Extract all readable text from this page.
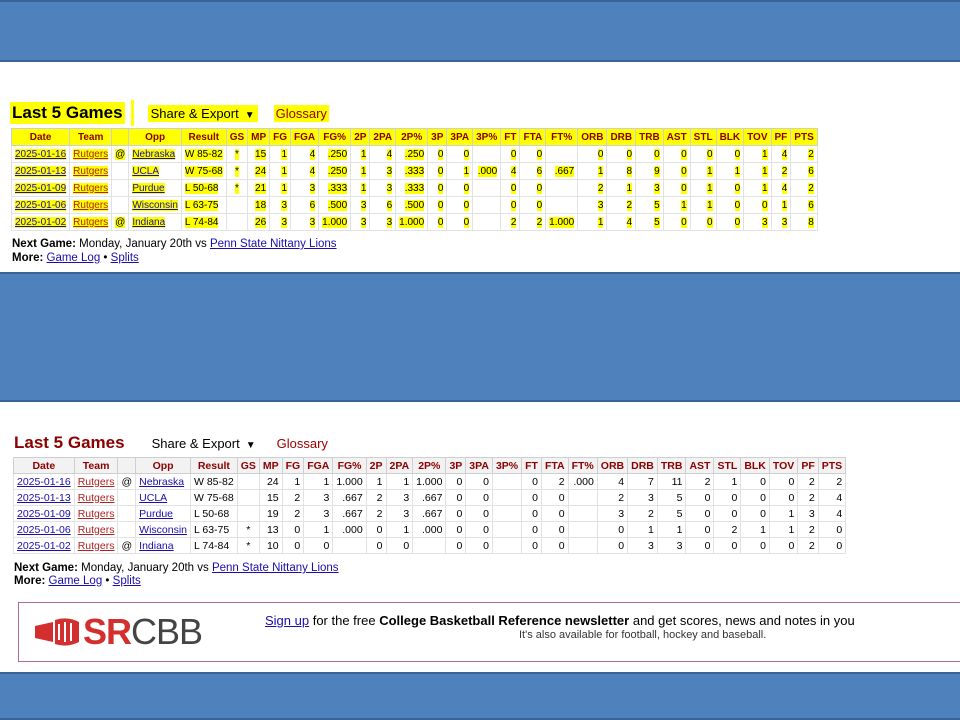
Last 5 Games Share & Export ▼ Glossary
Date	Team		Opp	Result	GS	MP	FG	FGA	FG%	2P	2PA	2P%	3P	3PA	3P%	FT	FTA	FT%	ORB	DRB	TRB	AST	STL	BLK	TOV	PF	PTS
2025-01-16	Rutgers	@	Nebraska	W 85-82	*	15	1	4	.250	1	4	.250	0	0		0	0		0	0	0	0	0	0	1	4	2
2025-01-13	Rutgers		UCLA	W 75-68	*	24	1	4	.250	1	3	.333	0	1	.000	4	6	.667	1	8	9	0	1	1	1	2	6
2025-01-09	Rutgers		Purdue	L 50-68	*	21	1	3	.333	1	3	.333	0	0		0	0		2	1	3	0	1	0	1	4	2
2025-01-06	Rutgers		Wisconsin	L 63-75		18	3	6	.500	3	6	.500	0	0		0	0		3	2	5	1	1	0	0	1	6
2025-01-02	Rutgers	@	Indiana	L 74-84		26	3	3	1.000	3	3	1.000	0	0		2	2	1.000	1	4	5	0	0	0	3	3	8
Next Game: Monday, January 20th vs Penn State Nittany Lions
More: Game Log • Splits
Last 5 Games Share & Export ▼ Glossary
Date	Team		Opp	Result	GS	MP	FG	FGA	FG%	2P	2PA	2P%	3P	3PA	3P%	FT	FTA	FT%	ORB	DRB	TRB	AST	STL	BLK	TOV	PF	PTS
2025-01-16	Rutgers	@	Nebraska	W 85-82		24	1	1	1.000	1	1	1.000	0	0		0	2	.000	4	7	11	2	1	0	0	2	2
2025-01-13	Rutgers		UCLA	W 75-68		15	2	3	.667	2	3	.667	0	0		0	0		2	3	5	0	0	0	0	2	4
2025-01-09	Rutgers		Purdue	L 50-68		19	2	3	.667	2	3	.667	0	0		0	0		3	2	5	0	0	0	1	3	4
2025-01-06	Rutgers		Wisconsin	L 63-75	*	13	0	1	.000	0	1	.000	0	0		0	0		0	1	1	0	2	1	1	2	0
2025-01-02	Rutgers	@	Indiana	L 74-84	*	10	0	0		0	0		0	0		0	0		0	3	3	0	0	0	0	2	0
Next Game: Monday, January 20th vs Penn State Nittany Lions
More: Game Log • Splits
SRCBB	Sign up for the free College Basketball Reference newsletter and get scores, news and notes in you
It's also available for football, hockey and baseball.
